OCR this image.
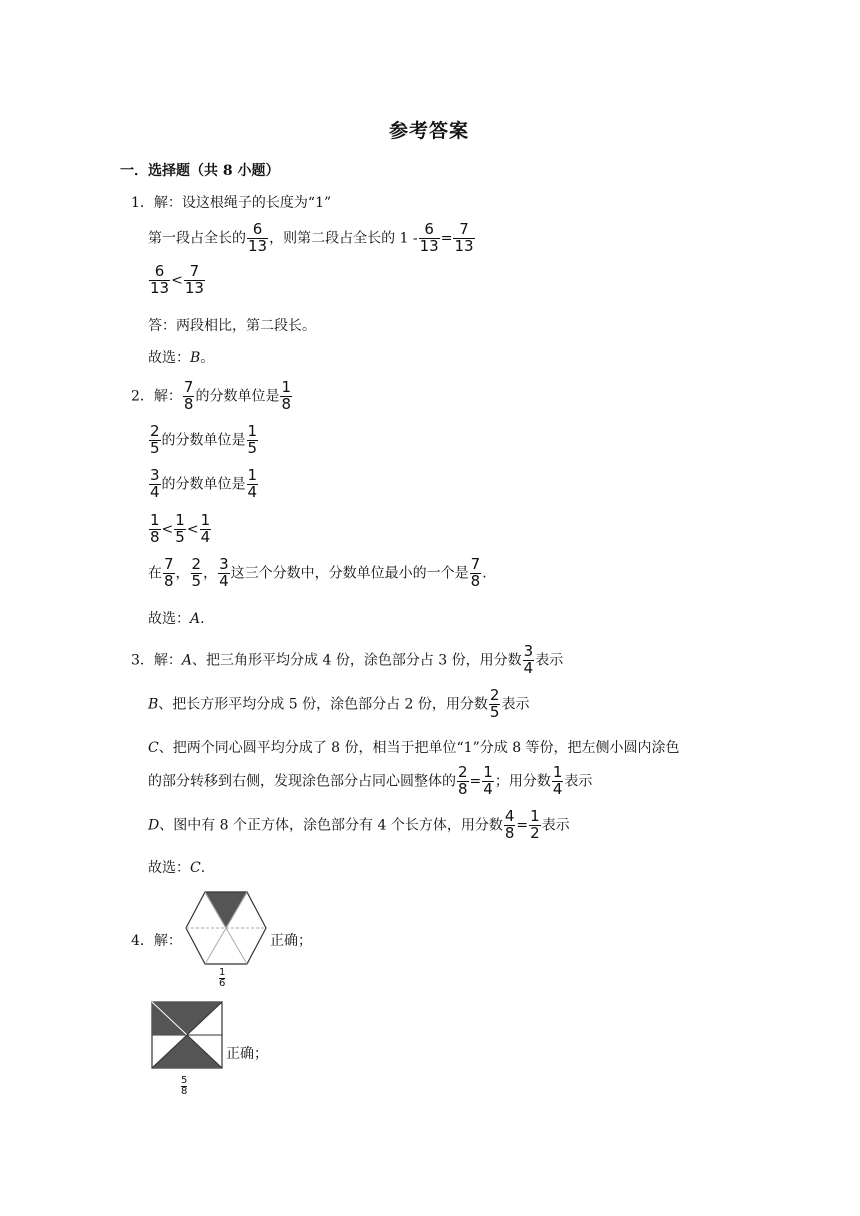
参考答案
一．选择题（共 8 小题）
1．解：设这根绳子的长度为“1”
第一段占全长的 $\frac{6}{13}$ ，则第二段占全长的 $1 - \frac{6}{13} = \frac{7}{13}$
$\frac{6}{13} < \frac{7}{13}$
答：两段相比，第二段长。
故选：B。
2．解： $\frac{7}{8}$ 的分数单位是 $\frac{1}{8}$
$\frac{2}{5}$ 的分数单位是 $\frac{1}{5}$
$\frac{3}{4}$ 的分数单位是 $\frac{1}{4}$
$\frac{1}{8} < \frac{1}{5} < \frac{1}{4}$
在 $\frac{7}{8}$ ， $\frac{2}{5}$ ， $\frac{3}{4}$ 这三个分数中，分数单位最小的一个是 $\frac{7}{8}$ .
故选：A.
3．解：A、把三角形平均分成 4 份，涂色部分占 3 份，用分数 $\frac{3}{4}$ 表示
B、把长方形平均分成 5 份，涂色部分占 2 份，用分数 $\frac{2}{5}$ 表示
C、把两个同心圆平均分成了 8 份，相当于把单位“1”分成 8 等份，把左侧小圆内涂色
的部分转移到右侧，发现涂色部分占同心圆整体的 $\frac{2}{8} = \frac{1}{4}$ ；用分数 $\frac{1}{4}$ 表示
D、图中有 8 个正方体，涂色部分有 4 个长方体，用分数 $\frac{4}{8} = \frac{1}{2}$ 表示
故选：C.
4．解：
1
6
正确；
5
8
正确；
